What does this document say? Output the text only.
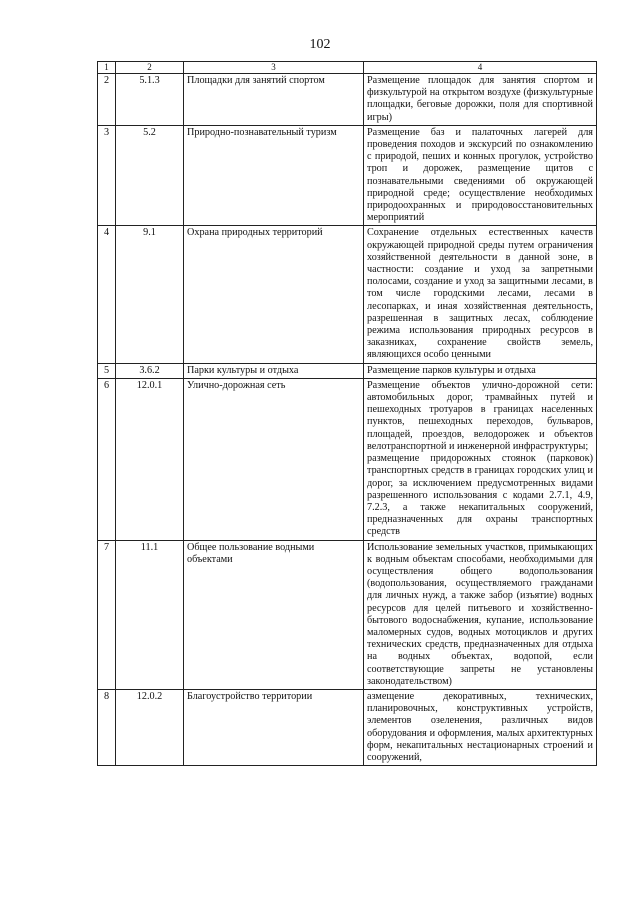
102
1	2	3	4
2	5.1.3	Площадки для занятий спортом	Размещение площадок для занятия спортом и физкультурой на открытом воздухе (физкультурные площадки, беговые дорожки, поля для спортивной игры)
3	5.2	Природно-познавательный туризм	Размещение баз и палаточных лагерей для проведения походов и экскурсий по ознакомлению с природой, пеших и конных прогулок, устройство троп и дорожек, размещение щитов с познавательными сведениями об окружающей природной среде; осуществление необходимых природоохранных и природовосстановительных мероприятий
4	9.1	Охрана природных территорий	Сохранение отдельных естественных качеств окружающей природной среды путем ограничения хозяйственной деятельности в данной зоне, в частности: создание и уход за запретными полосами, создание и уход за защитными лесами, в том числе городскими лесами, лесами в лесопарках, и иная хозяйственная деятельность, разрешенная в защитных лесах, соблюдение режима использования природных ресурсов в заказниках, сохранение свойств земель, являющихся особо ценными
5	3.6.2	Парки культуры и отдыха	Размещение парков культуры и отдыха
6	12.0.1	Улично-дорожная сеть	Размещение объектов улично-дорожной сети: автомобильных дорог, трамвайных путей и пешеходных тротуаров в границах населенных пунктов, пешеходных переходов, бульваров, площадей, проездов, велодорожек и объектов велотранспортной и инженерной инфраструктуры;
размещение придорожных стоянок (парковок) транспортных средств в границах городских улиц и дорог, за исключением предусмотренных видами разрешенного использования с кодами 2.7.1, 4.9, 7.2.3, а также некапитальных сооружений, предназначенных для охраны транспортных средств

7	11.1	Общее пользование водными объектами	Использование земельных участков, примыкающих к водным объектам способами, необходимыми для осуществления общего водопользования (водопользования, осуществляемого гражданами для личных нужд, а также забор (изъятие) водных ресурсов для целей питьевого и хозяйственно-бытового водоснабжения, купание, использование маломерных судов, водных мотоциклов и других технических средств, предназначенных для отдыха на водных объектах, водопой, если соответствующие запреты не установлены законодательством)
8	12.0.2	Благоустройство территории	азмещение декоративных, технических, планировочных, конструктивных устройств, элементов озеленения, различных видов оборудования и оформления, малых архитектурных форм, некапитальных нестационарных строений и сооружений,
